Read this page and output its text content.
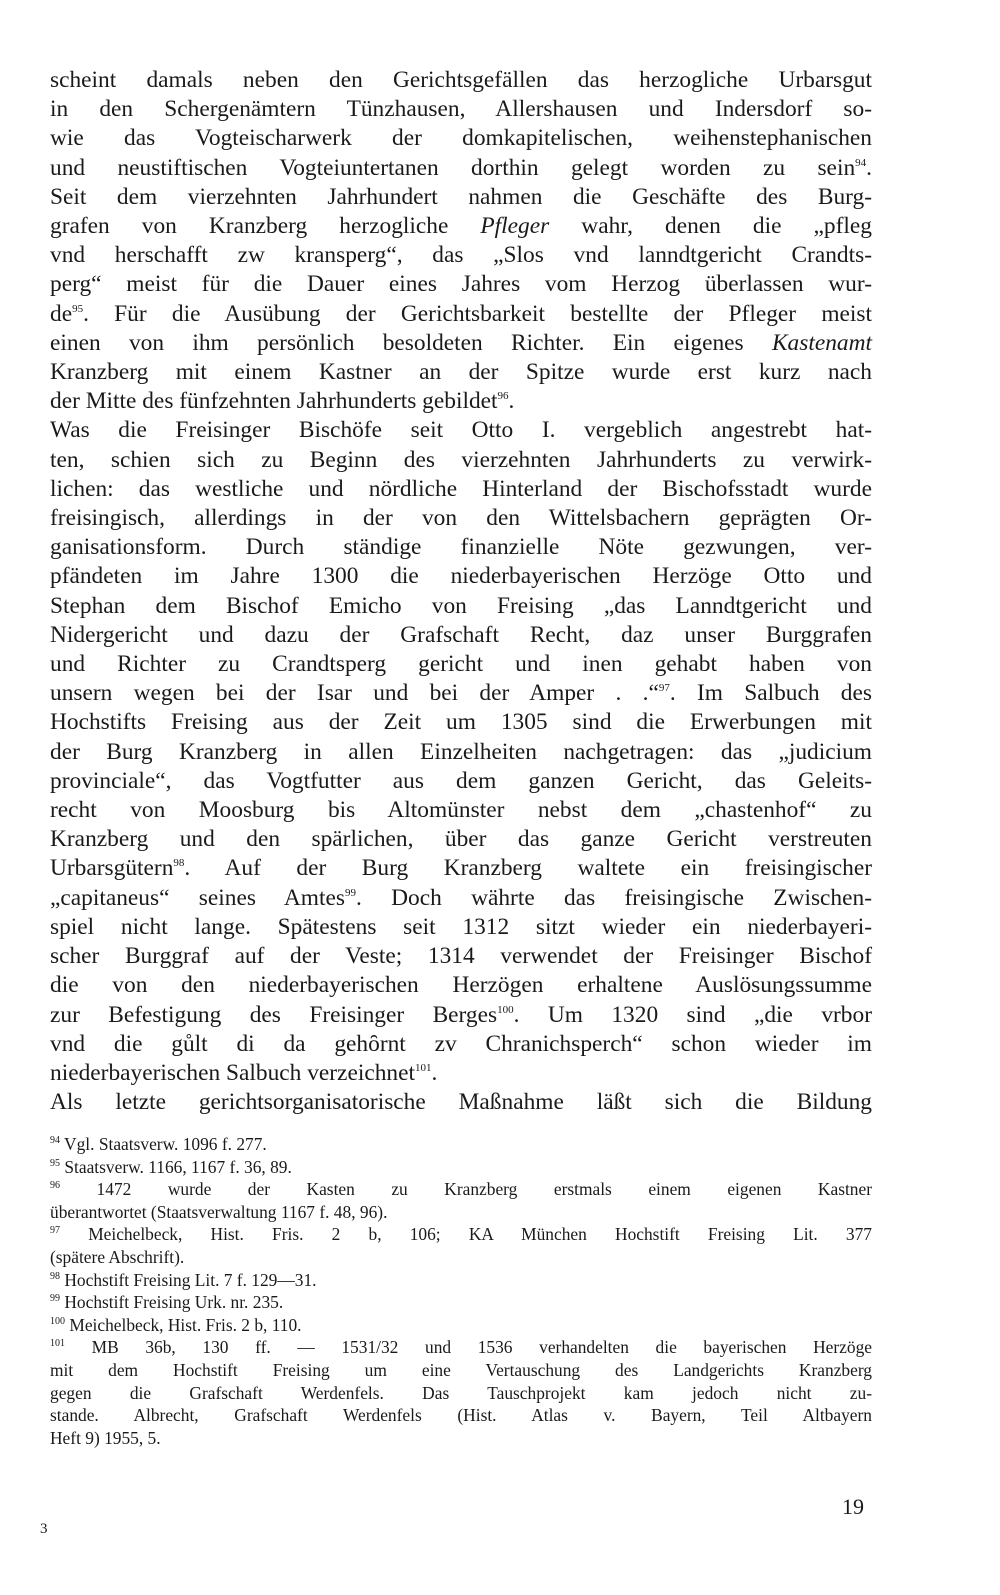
scheint damals neben den Gerichtsgefällen das herzogliche Urbarsgut
in den Schergenämtern Tünzhausen, Allershausen und Indersdorf so-
wie das Vogteischarwerk der domkapitelischen, weihenstephanischen
und neustiftischen Vogteiuntertanen dorthin gelegt worden zu sein$^{94}$.
Seit dem vierzehnten Jahrhundert nahmen die Geschäfte des Burg-
grafen von Kranzberg herzogliche Pfleger wahr, denen die „pfleg
vnd herschafft zw kransperg“, das „Slos vnd lanndtgericht Crandts-
perg“ meist für die Dauer eines Jahres vom Herzog überlassen wur-
$de^{95}$. Für die Ausübung der Gerichtsbarkeit bestellte der Pfleger meist
einen von ihm persönlich besoldeten Richter. Ein eigenes Kastenamt
Kranzberg mit einem Kastner an der Spitze wurde erst kurz nach
der Mitte des fünfzehnten Jahrhunderts gebildet$^{96}$.

Was die Freisinger Bischöfe seit Otto I. vergeblich angestrebt hat-
ten, schien sich zu Beginn des vierzehnten Jahrhunderts zu verwirk-
lichen: das westliche und nördliche Hinterland der Bischofsstadt wurde
freisingisch, allerdings in der von den Wittelsbachern geprägten Or-
ganisationsform. Durch ständige finanzielle Nöte gezwungen, ver-
pfändeten im Jahre 1300 die niederbayerischen Herzöge Otto und
Stephan dem Bischof Emicho von Freising „das Lanndtgericht und
Nidergericht und dazu der Grafschaft Recht, daz unser Burggrafen
und Richter zu Crandtsperg gericht und inen gehabt haben von
unsern wegen bei der Isar und bei der Amper . .“$^{97}$. Im Salbuch des
Hochstifts Freising aus der Zeit um 1305 sind die Erwerbungen mit
der Burg Kranzberg in allen Einzelheiten nachgetragen: das „judicium
provinciale“, das Vogtfutter aus dem ganzen Gericht, das Geleits-
recht von Moosburg bis Altomünster nebst dem „chastenhof“ zu
Kranzberg und den spärlichen, über das ganze Gericht verstreuten
Urbarsgütern$^{98}$. Auf der Burg Kranzberg waltete ein freisingischer
„capitaneus“ seines Amtes$^{99}$. Doch währte das freisingische Zwischen-
spiel nicht lange. Spätestens seit 1312 sitzt wieder ein niederbayeri-
scher Burggraf auf der Veste; 1314 verwendet der Freisinger Bischof
die von den niederbayerischen Herzögen erhaltene Auslösungssumme
zur Befestigung des Freisinger Berges$^{100}$. Um 1320 sind „die vrbor
vnd die gůlt di da gehȏrnt zv Chranichsperch“ schon wieder im
niederbayerischen Salbuch verzeichnet$^{101}$.

Als letzte gerichtsorganisatorische Maßnahme läßt sich die Bildung

$^{94}$ Vgl. Staatsverw. 1096 f. 277.

$^{95}$ Staatsverw. 1166, 1167 f. 36, 89.

$^{96}$ 1472 wurde der Kasten zu Kranzberg erstmals einem eigenen Kastner
überantwortet (Staatsverwaltung 1167 f. 48, 96).

$^{97}$ Meichelbeck, Hist. Fris. 2 b, 106; KA München Hochstift Freising Lit. 377
(spätere Abschrift).

$^{98}$ Hochstift Freising Lit. 7 f. 129—31.

$^{99}$ Hochstift Freising Urk. nr. 235.

$^{100}$ Meichelbeck, Hist. Fris. 2 b, 110.

$^{101}$ MB 36b, 130 ff. — 1531/32 und 1536 verhandelten die bayerischen Herzöge
mit dem Hochstift Freising um eine Vertauschung des Landgerichts Kranzberg
gegen die Grafschaft Werdenfels. Das Tauschprojekt kam jedoch nicht zu-
stande. Albrecht, Grafschaft Werdenfels (Hist. Atlas v. Bayern, Teil Altbayern
Heft 9) 1955, 5.

19
3
